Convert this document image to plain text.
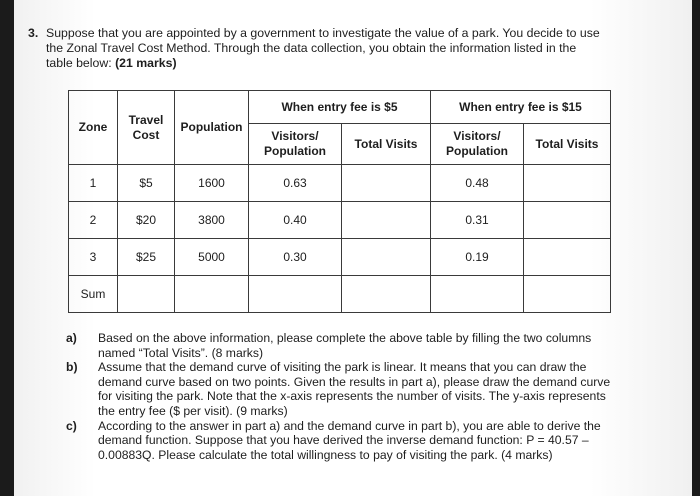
3. Suppose that you are appointed by a government to investigate the value of a park. You decide to use the Zonal Travel Cost Method. Through the data collection, you obtain the information listed in the table below: (21 marks)
Zone	Travel Cost	Population	When entry fee is $5		When entry fee is $15	
			Visitors/ Population	Total Visits	Visitors/ Population	Total Visits
1	$5	1600	0.63		0.48	
2	$20	3800	0.40		0.31	
3	$25	5000	0.30		0.19	
Sum						

a) Based on the above information, please complete the above table by filling the two columns named “Total Visits”. (8 marks)

b) Assume that the demand curve of visiting the park is linear. It means that you can draw the demand curve based on two points. Given the results in part a), please draw the demand curve for visiting the park. Note that the x-axis represents the number of visits. The y-axis represents the entry fee ($ per visit). (9 marks)

c) According to the answer in part a) and the demand curve in part b), you are able to derive the demand function. Suppose that you have derived the inverse demand function: P = 40.57 – 0.00883Q. Please calculate the total willingness to pay of visiting the park. (4 marks)
